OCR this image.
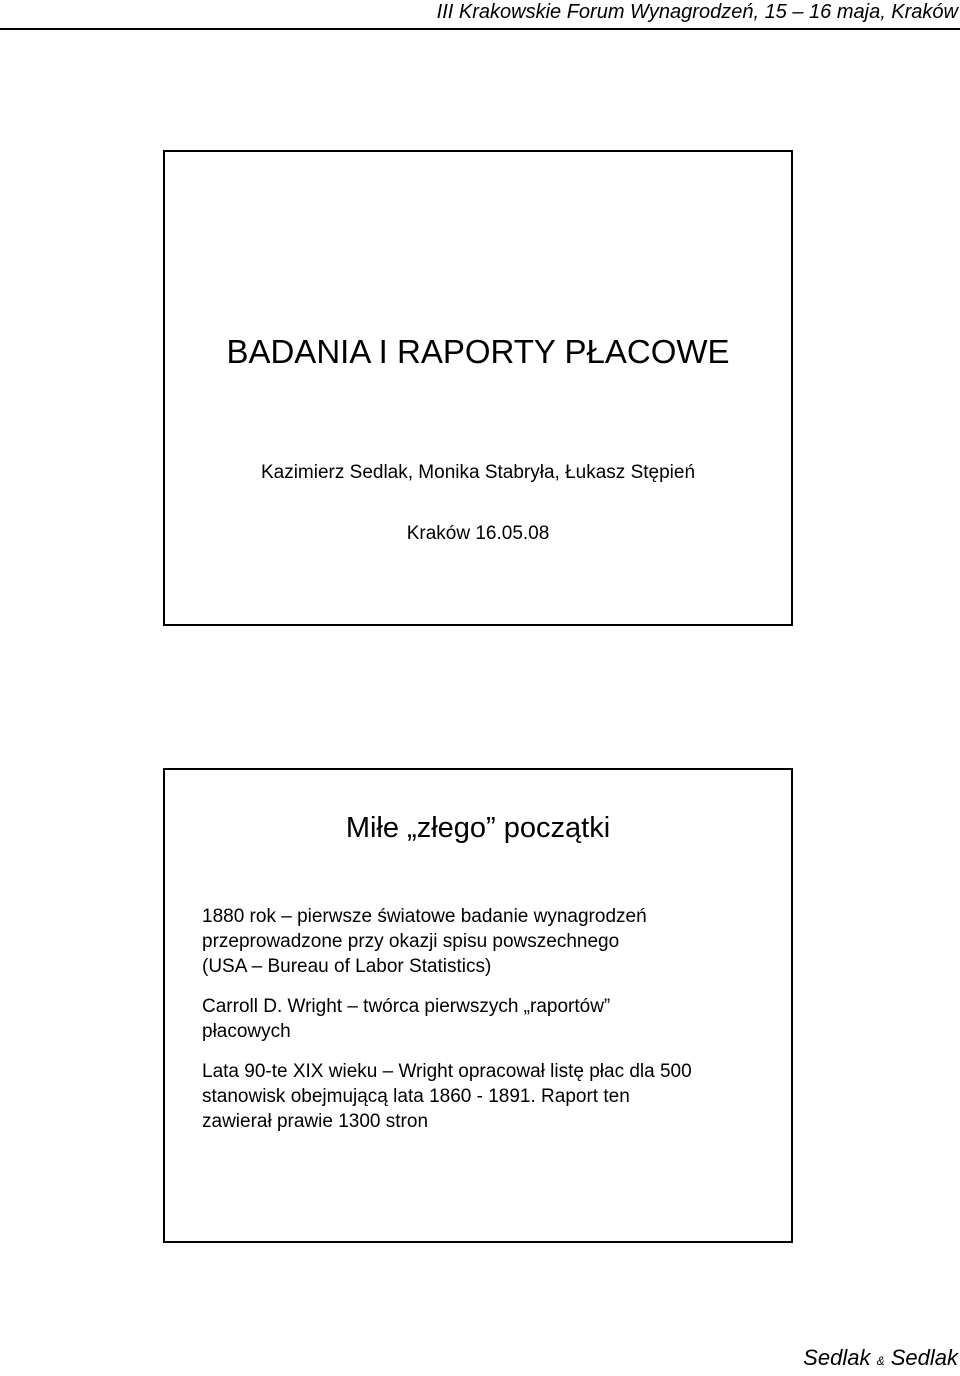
III Krakowskie Forum Wynagrodzeń, 15 – 16 maja, Kraków
BADANIA I RAPORTY PŁACOWE
Kazimierz Sedlak, Monika Stabryła, Łukasz Stępień
Kraków 16.05.08
Miłe „złego” początki

1880 rok – pierwsze światowe badanie wynagrodzeń
przeprowadzone przy okazji spisu powszechnego
(USA – Bureau of Labor Statistics)

Carroll D. Wright – twórca pierwszych „raportów”
płacowych

Lata 90-te XIX wieku – Wright opracował listę płac dla 500
stanowisk obejmującą lata 1860 - 1891. Raport ten
zawierał prawie 1300 stron

Sedlak & Sedlak
